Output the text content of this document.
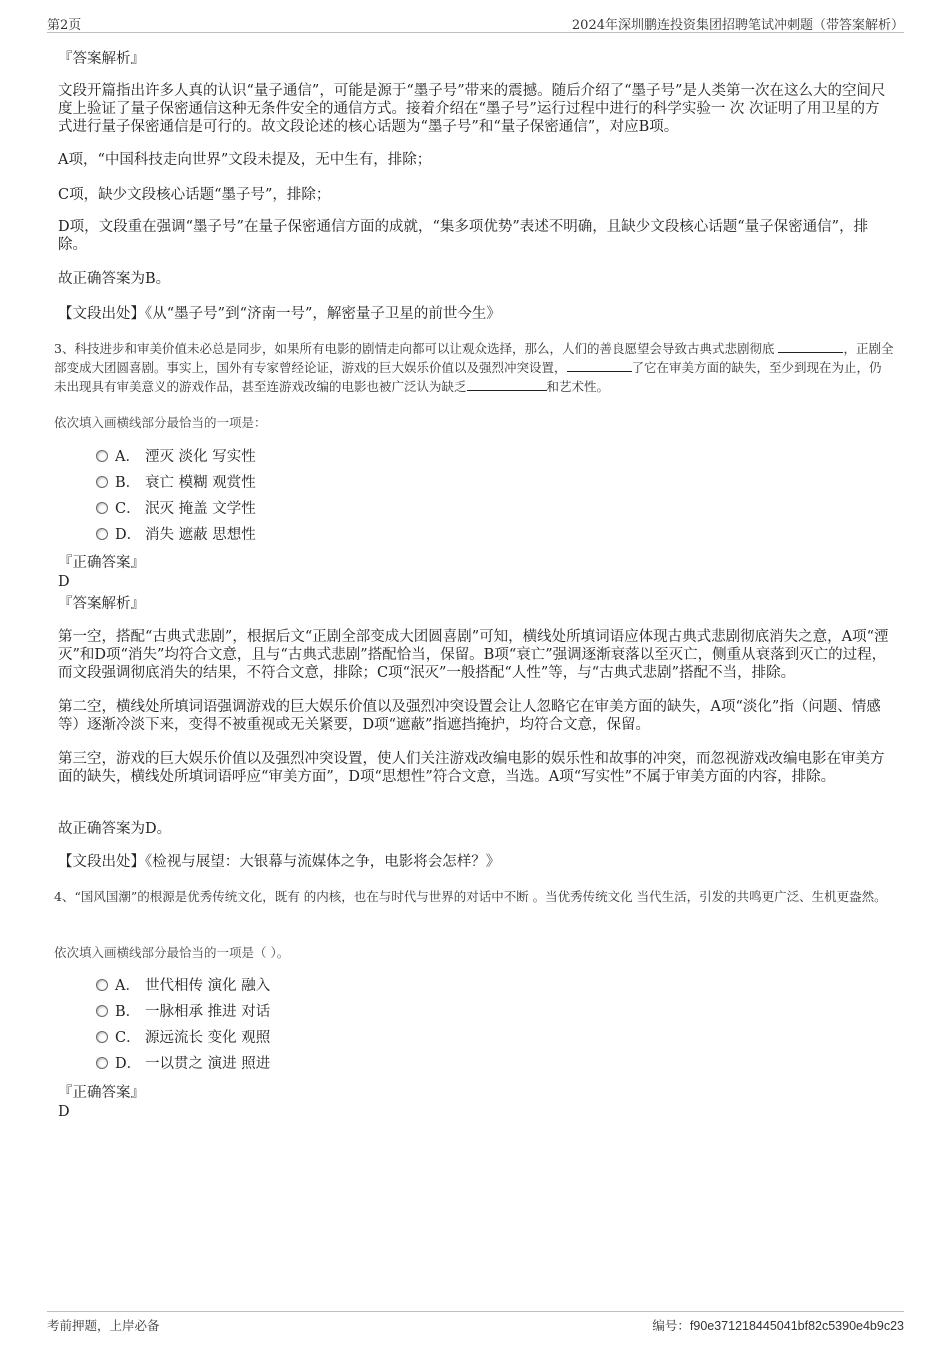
第2页	2024年深圳鹏连投资集团招聘笔试冲刺题（带答案解析）
『答案解析』
文段开篇指出许多人真的认识“量子通信”，可能是源于“墨子号”带来的震撼。随后介绍了“墨子号”是人类第一次在这么大的空间尺度上验证了量子保密通信这种无条件安全的通信方式。接着介绍在“墨子号”运行过程中进行的科学实验一 次 次证明了用卫星的方式进行量子保密通信是可行的。故文段论述的核心话题为“墨子号”和“量子保密通信”，对应B项。
A项，“中国科技走向世界”文段未提及，无中生有，排除；
C项，缺少文段核心话题“墨子号”，排除；
D项，文段重在强调“墨子号”在量子保密通信方面的成就，“集多项优势”表述不明确，且缺少文段核心话题“量子保密通信”，排除。
故正确答案为B。
【文段出处】《从“墨子号”到“济南一号”，解密量子卫星的前世今生》
3、科技进步和审美价值未必总是同步，如果所有电影的剧情走向都可以让观众选择，那么，人们的善良愿望会导致古典式悲剧彻底	，正剧全部变成大团圆喜剧。事实上，国外有专家曾经论证，游戏的巨大娱乐价值以及强烈冲突设置，	了它在审美方面的缺失，至少到现在为止，仍未出现具有审美意义的游戏作品，甚至连游戏改编的电影也被广泛认为缺乏	和艺术性。
依次填入画横线部分最恰当的一项是：
A． 湮灭 淡化 写实性
B． 衰亡 模糊 观赏性
C． 泯灭 掩盖 文学性
D． 消失 遮蔽 思想性
『正确答案』
D
『答案解析』
第一空，搭配“古典式悲剧”，根据后文“正剧全部变成大团圆喜剧”可知，横线处所填词语应体现古典式悲剧彻底消失之意，A项“湮灭”和D项“消失”均符合文意，且与“古典式悲剧”搭配恰当，保留。B项“衰亡”强调逐渐衰落以至灭亡，侧重从衰落到灭亡的过程，而文段强调彻底消失的结果，不符合文意，排除；C项“泯灭”一般搭配“人性”等，与“古典式悲剧”搭配不当，排除。
第二空，横线处所填词语强调游戏的巨大娱乐价值以及强烈冲突设置会让人忽略它在审美方面的缺失，A项“淡化”指（问题、情感等）逐渐冷淡下来，变得不被重视或无关紧要，D项“遮蔽”指遮挡掩护，均符合文意，保留。
第三空，游戏的巨大娱乐价值以及强烈冲突设置，使人们关注游戏改编电影的娱乐性和故事的冲突，而忽视游戏改编电影在审美方面的缺失，横线处所填词语呼应“审美方面”，D项“思想性”符合文意，当选。A项“写实性”不属于审美方面的内容，排除。
故正确答案为D。
【文段出处】《检视与展望：大银幕与流媒体之争，电影将会怎样？》
4、“国风国潮”的根源是优秀传统文化，既有 的内核，也在与时代与世界的对话中不断 。当优秀传统文化 当代生活，引发的共鸣更广泛、生机更盎然。
依次填入画横线部分最恰当的一项是（ ）。
A． 世代相传 演化 融入
B． 一脉相承 推进 对话
C． 源远流长 变化 观照
D． 一以贯之 演进 照进
『正确答案』
D
考前押题，上岸必备	编号：f90e371218445041bf82c5390e4b9c23
